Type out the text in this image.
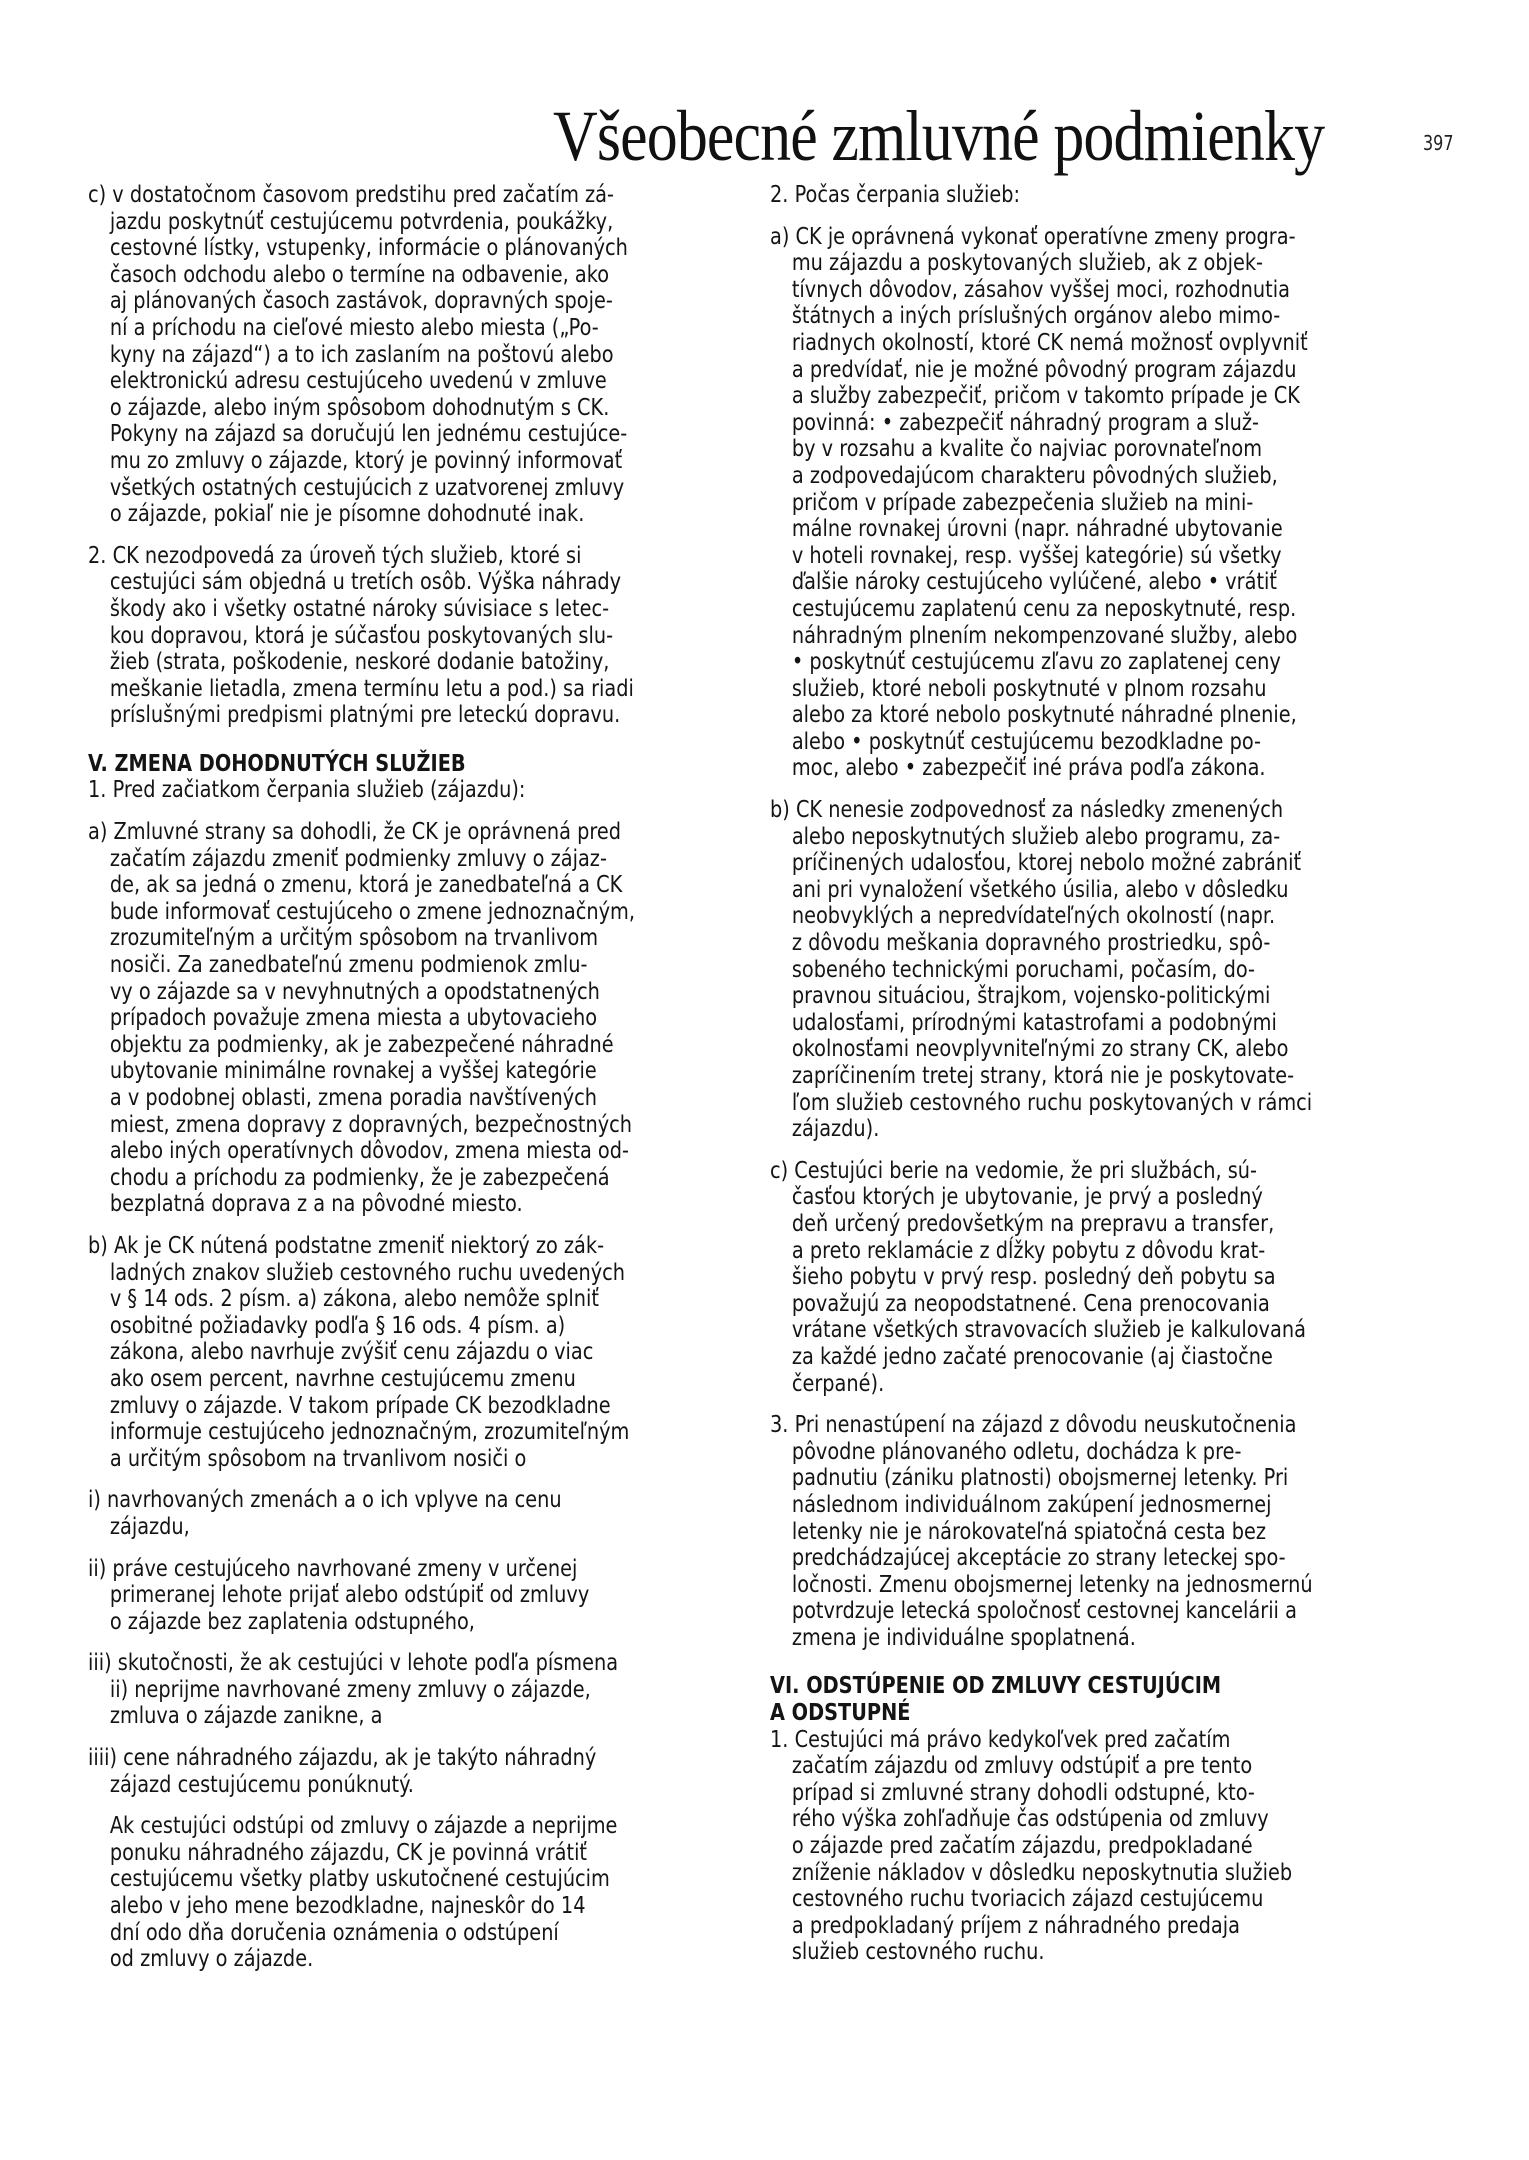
Všeobecné zmluvné podmienky	397
c) v dostatočnom časovom predstihu pred začatím zá-
jazdu poskytnúť cestujúcemu potvrdenia, poukážky,
cestovné lístky, vstupenky, informácie o plánovaných
časoch odchodu alebo o termíne na odbavenie, ako
aj plánovaných časoch zastávok, dopravných spoje-
ní a príchodu na cieľové miesto alebo miesta („Po-
kyny na zájazd“) a to ich zaslaním na poštovú alebo
elektronickú adresu cestujúceho uvedenú v zmluve
o zájazde, alebo iným spôsobom dohodnutým s CK.
Pokyny na zájazd sa doručujú len jednému cestujúce-
mu zo zmluvy o zájazde, ktorý je povinný informovať
všetkých ostatných cestujúcich z uzatvorenej zmluvy
o zájazde, pokiaľ nie je písomne dohodnuté inak.
2. CK nezodpovedá za úroveň tých služieb, ktoré si
cestujúci sám objedná u tretích osôb. Výška náhrady
škody ako i všetky ostatné nároky súvisiace s letec-
kou dopravou, ktorá je súčasťou poskytovaných slu-
žieb (strata, poškodenie, neskoré dodanie batožiny,
meškanie lietadla, zmena termínu letu a pod.) sa riadi
príslušnými predpismi platnými pre leteckú dopravu.
V. ZMENA DOHODNUTÝCH SLUŽIEB
1. Pred začiatkom čerpania služieb (zájazdu):
a) Zmluvné strany sa dohodli, že CK je oprávnená pred
začatím zájazdu zmeniť podmienky zmluvy o zájaz-
de, ak sa jedná o zmenu, ktorá je zanedbateľná a CK
bude informovať cestujúceho o zmene jednoznačným,
zrozumiteľným a určitým spôsobom na trvanlivom
nosiči. Za zanedbateľnú zmenu podmienok zmlu-
vy o zájazde sa v nevyhnutných a opodstatnených
prípadoch považuje zmena miesta a ubytovacieho
objektu za podmienky, ak je zabezpečené náhradné
ubytovanie minimálne rovnakej a vyššej kategórie
a v podobnej oblasti, zmena poradia navštívených
miest, zmena dopravy z dopravných, bezpečnostných
alebo iných operatívnych dôvodov, zmena miesta od-
chodu a príchodu za podmienky, že je zabezpečená
bezplatná doprava z a na pôvodné miesto.
b) Ak je CK nútená podstatne zmeniť niektorý zo zák-
ladných znakov služieb cestovného ruchu uvedených
v § 14 ods. 2 písm. a) zákona, alebo nemôže splniť
osobitné požiadavky podľa § 16 ods. 4 písm. a)
zákona, alebo navrhuje zvýšiť cenu zájazdu o viac
ako osem percent, navrhne cestujúcemu zmenu
zmluvy o zájazde. V takom prípade CK bezodkladne
informuje cestujúceho jednoznačným, zrozumiteľným
a určitým spôsobom na trvanlivom nosiči o
i) navrhovaných zmenách a o ich vplyve na cenu
zájazdu,
ii) práve cestujúceho navrhované zmeny v určenej
primeranej lehote prijať alebo odstúpiť od zmluvy
o zájazde bez zaplatenia odstupného,
iii) skutočnosti, že ak cestujúci v lehote podľa písmena
ii) neprijme navrhované zmeny zmluvy o zájazde,
zmluva o zájazde zanikne, a
iiii) cene náhradného zájazdu, ak je takýto náhradný
zájazd cestujúcemu ponúknutý.
Ak cestujúci odstúpi od zmluvy o zájazde a neprijme
ponuku náhradného zájazdu, CK je povinná vrátiť
cestujúcemu všetky platby uskutočnené cestujúcim
alebo v jeho mene bezodkladne, najneskôr do 14
dní odo dňa doručenia oznámenia o odstúpení
od zmluvy o zájazde.
2. Počas čerpania služieb:
a) CK je oprávnená vykonať operatívne zmeny progra-
mu zájazdu a poskytovaných služieb, ak z objek-
tívnych dôvodov, zásahov vyššej moci, rozhodnutia
štátnych a iných príslušných orgánov alebo mimo-
riadnych okolností, ktoré CK nemá možnosť ovplyvniť
a predvídať, nie je možné pôvodný program zájazdu
a služby zabezpečiť, pričom v takomto prípade je CK
povinná: • zabezpečiť náhradný program a služ-
by v rozsahu a kvalite čo najviac porovnateľnom
a zodpovedajúcom charakteru pôvodných služieb,
pričom v prípade zabezpečenia služieb na mini-
málne rovnakej úrovni (napr. náhradné ubytovanie
v hoteli rovnakej, resp. vyššej kategórie) sú všetky
ďalšie nároky cestujúceho vylúčené, alebo • vrátiť
cestujúcemu zaplatenú cenu za neposkytnuté, resp.
náhradným plnením nekompenzované služby, alebo
• poskytnúť cestujúcemu zľavu zo zaplatenej ceny
služieb, ktoré neboli poskytnuté v plnom rozsahu
alebo za ktoré nebolo poskytnuté náhradné plnenie,
alebo • poskytnúť cestujúcemu bezodkladne po-
moc, alebo • zabezpečiť iné práva podľa zákona.
b) CK nenesie zodpovednosť za následky zmenených
alebo neposkytnutých služieb alebo programu, za-
príčinených udalosťou, ktorej nebolo možné zabrániť
ani pri vynaložení všetkého úsilia, alebo v dôsledku
neobvyklých a nepredvídateľných okolností (napr.
z dôvodu meškania dopravného prostriedku, spô-
sobeného technickými poruchami, počasím, do-
pravnou situáciou, štrajkom, vojensko-politickými
udalosťami, prírodnými katastrofami a podobnými
okolnosťami neovplyvniteľnými zo strany CK, alebo
zapríčinením tretej strany, ktorá nie je poskytovate-
ľom služieb cestovného ruchu poskytovaných v rámci
zájazdu).
c) Cestujúci berie na vedomie, že pri službách, sú-
časťou ktorých je ubytovanie, je prvý a posledný
deň určený predovšetkým na prepravu a transfer,
a preto reklamácie z dĺžky pobytu z dôvodu krat-
šieho pobytu v prvý resp. posledný deň pobytu sa
považujú za neopodstatnené. Cena prenocovania
vrátane všetkých stravovacích služieb je kalkulovaná
za každé jedno začaté prenocovanie (aj čiastočne
čerpané).
3. Pri nenastúpení na zájazd z dôvodu neuskutočnenia
pôvodne plánovaného odletu, dochádza k pre-
padnutiu (zániku platnosti) obojsmernej letenky. Pri
následnom individuálnom zakúpení jednosmernej
letenky nie je nárokovateľná spiatočná cesta bez
predchádzajúcej akceptácie zo strany leteckej spo-
ločnosti. Zmenu obojsmernej letenky na jednosmernú
potvrdzuje letecká spoločnosť cestovnej kancelárii a
zmena je individuálne spoplatnená.
VI. ODSTÚPENIE OD ZMLUVY CESTUJÚCIM
A ODSTUPNÉ
1. Cestujúci má právo kedykoľvek pred začatím
začatím zájazdu od zmluvy odstúpiť a pre tento
prípad si zmluvné strany dohodli odstupné, kto-
rého výška zohľadňuje čas odstúpenia od zmluvy
o zájazde pred začatím zájazdu, predpokladané
zníženie nákladov v dôsledku neposkytnutia služieb
cestovného ruchu tvoriacich zájazd cestujúcemu
a predpokladaný príjem z náhradného predaja
služieb cestovného ruchu.
